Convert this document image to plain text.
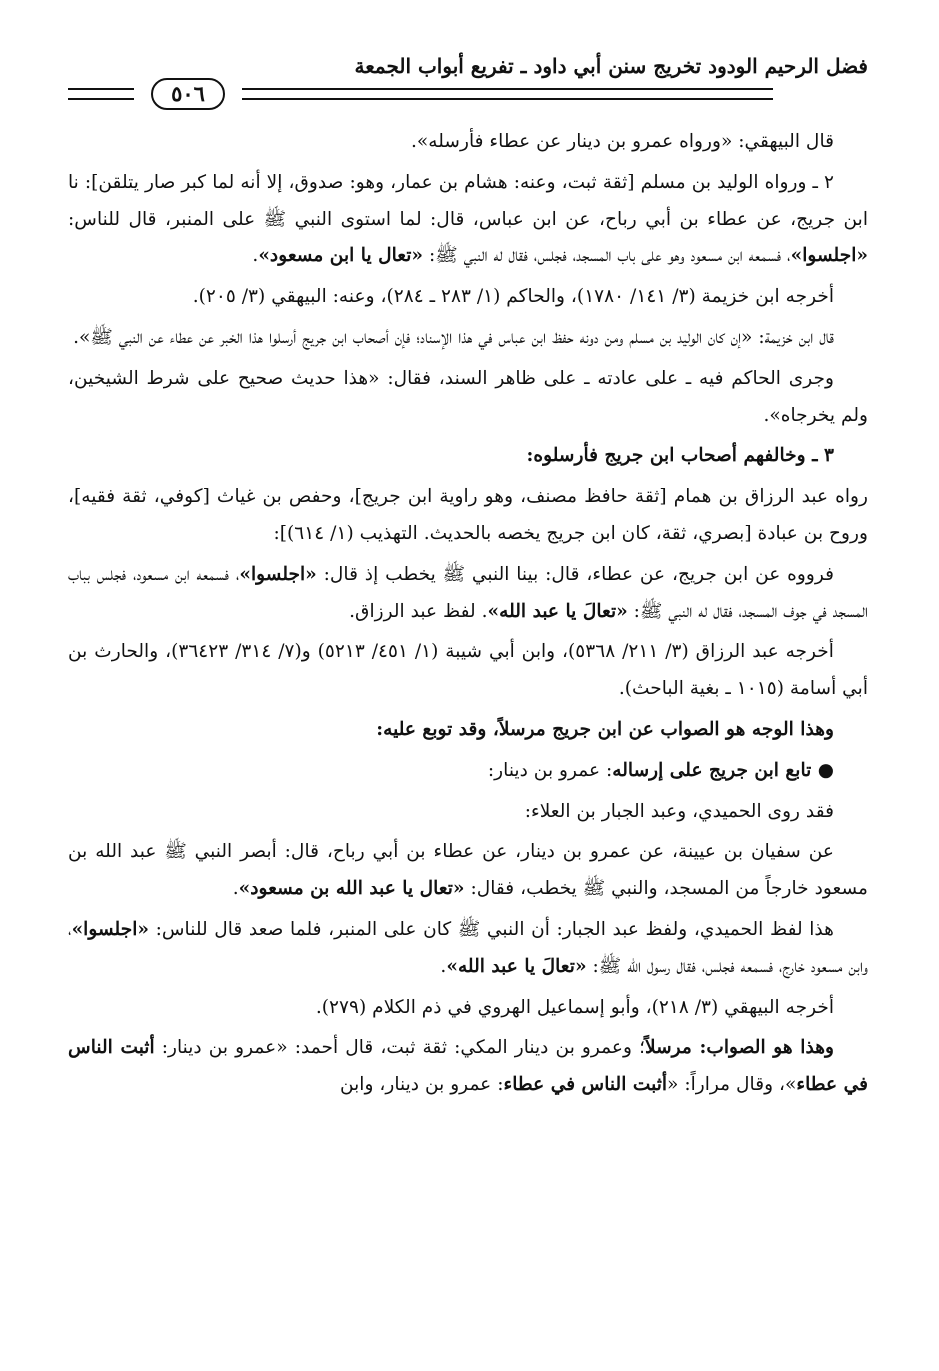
فضل الرحيم الودود تخريج سنن أبي داود ـ تفريع أبواب الجمعة
٥٠٦

قال البيهقي: «ورواه عمرو بن دينار عن عطاء فأرسله».

٢ ـ ورواه الوليد بن مسلم [ثقة ثبت، وعنه: هشام بن عمار، وهو: صدوق، إلا أنه لما كبر صار يتلقن]: نا ابن جريج، عن عطاء بن أبي رباح، عن ابن عباس، قال: لما استوى النبي ﷺ على المنبر، قال للناس: «اجلسوا»، فسمعه ابن مسعود وهو على باب المسجد، فجلس، فقال له النبي ﷺ: «تعال يا ابن مسعود».

أخرجه ابن خزيمة (٣/ ١٤١/ ١٧٨٠)، والحاكم (١/ ٢٨٣ ـ ٢٨٤)، وعنه: البيهقي (٣/ ٢٠٥).

قال ابن خزيمة: «إن كان الوليد بن مسلم ومن دونه حفظ ابن عباس في هذا الإسناد؛ فإن أصحاب ابن جريج أرسلوا هذا الخبر عن عطاء عن النبي ﷺ».

وجرى الحاكم فيه ـ على عادته ـ على ظاهر السند، فقال: «هذا حديث صحيح على شرط الشيخين، ولم يخرجاه».

٣ ـ وخالفهم أصحاب ابن جريج فأرسلوه:

رواه عبد الرزاق بن همام [ثقة حافظ مصنف، وهو راوية ابن جريج]، وحفص بن غياث [كوفي، ثقة فقيه]، وروح بن عبادة [بصري، ثقة، كان ابن جريج يخصه بالحديث. التهذيب (١/ ٦١٤)]:

فرووه عن ابن جريج، عن عطاء، قال: بينا النبي ﷺ يخطب إذ قال: «اجلسوا»، فسمعه ابن مسعود، فجلس بباب المسجد في جوف المسجد، فقال له النبي ﷺ: «تعالَ يا عبد الله». لفظ عبد الرزاق.

أخرجه عبد الرزاق (٣/ ٢١١/ ٥٣٦٨)، وابن أبي شيبة (١/ ٤٥١/ ٥٢١٣) و(٧/ ٣١٤/ ٣٦٤٢٣)، والحارث بن أبي أسامة (١٠١٥ ـ بغية الباحث).

وهذا الوجه هو الصواب عن ابن جريج مرسلاً، وقد توبع عليه:

● تابع ابن جريج على إرساله: عمرو بن دينار:

فقد روى الحميدي، وعبد الجبار بن العلاء:

عن سفيان بن عيينة، عن عمرو بن دينار، عن عطاء بن أبي رباح، قال: أبصر النبي ﷺ عبد الله بن مسعود خارجاً من المسجد، والنبي ﷺ يخطب، فقال: «تعال يا عبد الله بن مسعود».

هذا لفظ الحميدي، ولفظ عبد الجبار: أن النبي ﷺ كان على المنبر، فلما صعد قال للناس: «اجلسوا»، وابن مسعود خارج، فسمعه فجلس، فقال رسول الله ﷺ: «تعالَ يا عبد الله».

أخرجه البيهقي (٣/ ٢١٨)، وأبو إسماعيل الهروي في ذم الكلام (٢٧٩).

وهذا هو الصواب: مرسلاً؛ وعمرو بن دينار المكي: ثقة ثبت، قال أحمد: «عمرو بن دينار: أثبت الناس في عطاء»، وقال مراراً: «أثبت الناس في عطاء: عمرو بن دينار، وابن
